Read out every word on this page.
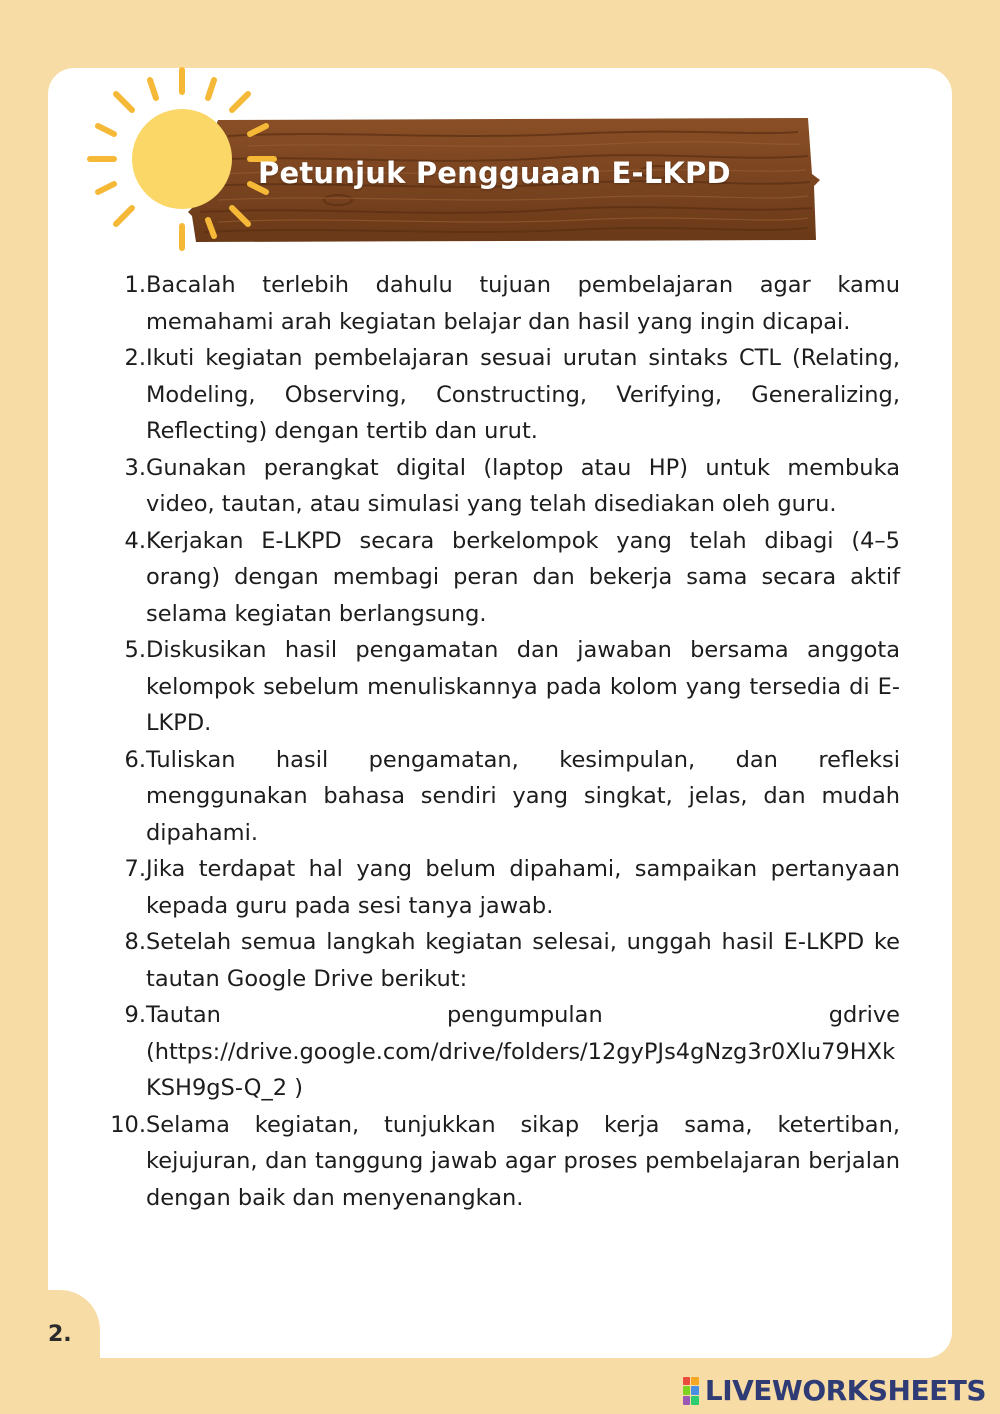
Petunjuk Pengguaan E-LKPD
1. Bacalah terlebih dahulu tujuan pembelajaran agar kamu memahami arah kegiatan belajar dan hasil yang ingin dicapai.
2. Ikuti kegiatan pembelajaran sesuai urutan sintaks CTL (Relating, Modeling, Observing, Constructing, Verifying, Generalizing, Reflecting) dengan tertib dan urut.
3. Gunakan perangkat digital (laptop atau HP) untuk membuka video, tautan, atau simulasi yang telah disediakan oleh guru.
4. Kerjakan E-LKPD secara berkelompok yang telah dibagi (4–5 orang) dengan membagi peran dan bekerja sama secara aktif selama kegiatan berlangsung.
5. Diskusikan hasil pengamatan dan jawaban bersama anggota kelompok sebelum menuliskannya pada kolom yang tersedia di E-LKPD.
6. Tuliskan hasil pengamatan, kesimpulan, dan refleksi menggunakan bahasa sendiri yang singkat, jelas, dan mudah dipahami.
7. Jika terdapat hal yang belum dipahami, sampaikan pertanyaan kepada guru pada sesi tanya jawab.
8. Setelah semua langkah kegiatan selesai, unggah hasil E-LKPD ke tautan Google Drive berikut:
9. Tautan pengumpulan gdrive (https://drive.google.com/drive/folders/12gyPJs4gNzg3r0Xlu79HXkKSH9gS-Q_2 )
10. Selama kegiatan, tunjukkan sikap kerja sama, ketertiban, kejujuran, dan tanggung jawab agar proses pembelajaran berjalan dengan baik dan menyenangkan.
2.
LIVEWORKSHEETS
